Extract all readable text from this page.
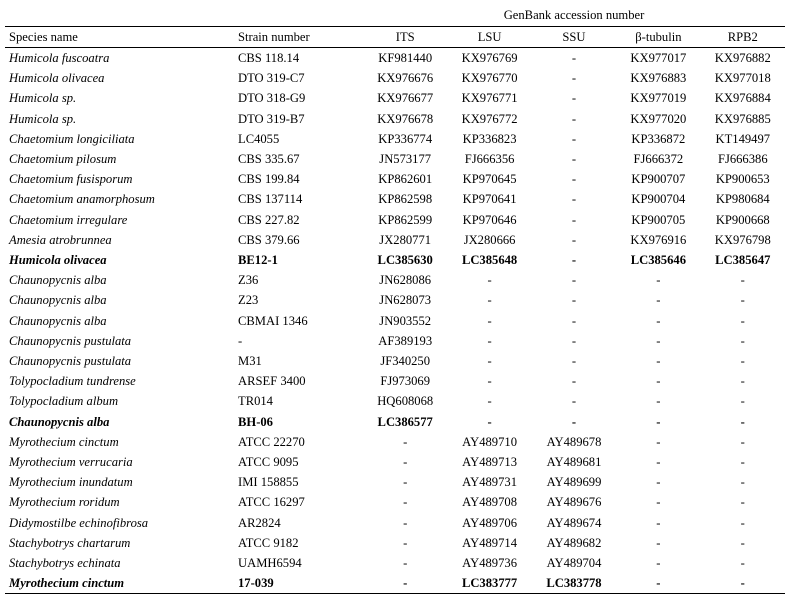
		GenBank accession number				
Species name	Strain number	ITS	LSU	SSU	β-tubulin	RPB2
Humicola fuscoatra	CBS 118.14	KF981440	KX976769	-	KX977017	KX976882
Humicola olivacea	DTO 319-C7	KX976676	KX976770	-	KX976883	KX977018
Humicola sp.	DTO 318-G9	KX976677	KX976771	-	KX977019	KX976884
Humicola sp.	DTO 319-B7	KX976678	KX976772	-	KX977020	KX976885
Chaetomium longiciliata	LC4055	KP336774	KP336823	-	KP336872	KT149497
Chaetomium pilosum	CBS 335.67	JN573177	FJ666356	-	FJ666372	FJ666386
Chaetomium fusisporum	CBS 199.84	KP862601	KP970645	-	KP900707	KP900653
Chaetomium anamorphosum	CBS 137114	KP862598	KP970641	-	KP900704	KP980684
Chaetomium irregulare	CBS 227.82	KP862599	KP970646	-	KP900705	KP900668
Amesia atrobrunnea	CBS 379.66	JX280771	JX280666	-	KX976916	KX976798
Humicola olivacea	BE12-1	LC385630	LC385648	-	LC385646	LC385647
Chaunopycnis alba	Z36	JN628086	-	-	-	-
Chaunopycnis alba	Z23	JN628073	-	-	-	-
Chaunopycnis alba	CBMAI 1346	JN903552	-	-	-	-
Chaunopycnis pustulata	-	AF389193	-	-	-	-
Chaunopycnis pustulata	M31	JF340250	-	-	-	-
Tolypocladium tundrense	ARSEF 3400	FJ973069	-	-	-	-
Tolypocladium album	TR014	HQ608068	-	-	-	-
Chaunopycnis alba	BH-06	LC386577	-	-	-	-
Myrothecium cinctum	ATCC 22270	-	AY489710	AY489678	-	-
Myrothecium verrucaria	ATCC 9095	-	AY489713	AY489681	-	-
Myrothecium inundatum	IMI 158855	-	AY489731	AY489699	-	-
Myrothecium roridum	ATCC 16297	-	AY489708	AY489676	-	-
Didymostilbe echinofibrosa	AR2824	-	AY489706	AY489674	-	-
Stachybotrys chartarum	ATCC 9182	-	AY489714	AY489682	-	-
Stachybotrys echinata	UAMH6594	-	AY489736	AY489704	-	-
Myrothecium cinctum	17-039	-	LC383777	LC383778	-	-
